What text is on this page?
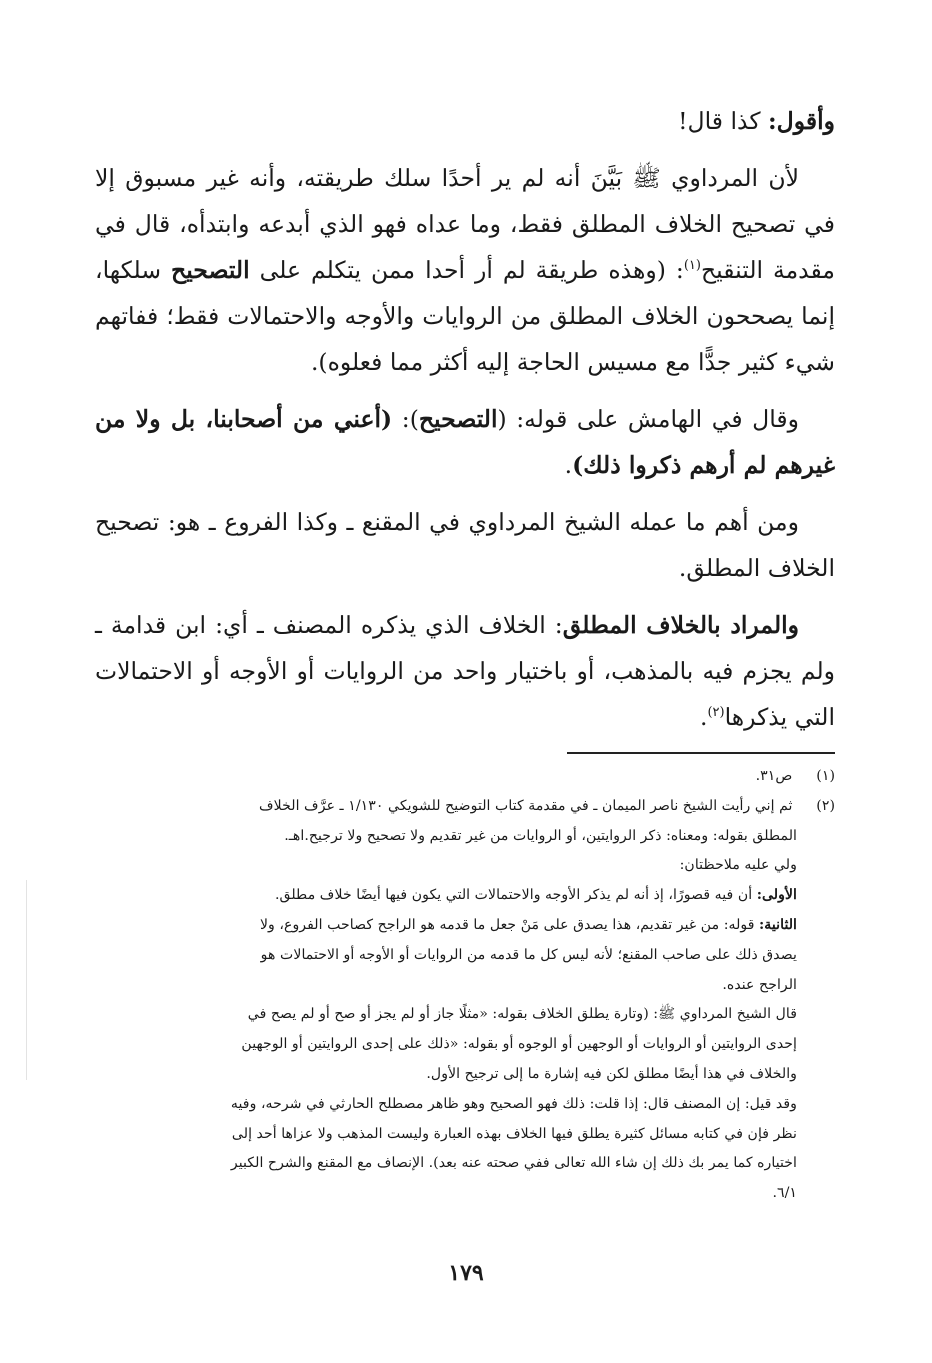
وأقول: كذا قال!

لأن المرداوي ﷺ بَيَّنَ أنه لم ير أحدًا سلك طريقته، وأنه غير مسبوق إلا في تصحيح الخلاف المطلق فقط، وما عداه فهو الذي أبدعه وابتدأه، قال في مقدمة التنقيح$^{(١)}$: (وهذه طريقة لم أر أحدا ممن يتكلم على التصحيح سلكها، إنما يصححون الخلاف المطلق من الروايات والأوجه والاحتمالات فقط؛ ففاتهم شيء كثير جدًّا مع مسيس الحاجة إليه أكثر مما فعلوه).

وقال في الهامش على قوله: (التصحيح): (أعني من أصحابنا، بل ولا من غيرهم لم أرهم ذكروا ذلك).

ومن أهم ما عمله الشيخ المرداوي في المقنع ـ وكذا الفروع ـ هو: تصحيح الخلاف المطلق.

والمراد بالخلاف المطلق: الخلاف الذي يذكره المصنف ـ أي: ابن قدامة ـ ولم يجزم فيه بالمذهب، أو باختيار واحد من الروايات أو الأوجه أو الاحتمالات التي يذكرها$^{(٢)}$.

(١) ص٣١.
(٢) ثم إني رأيت الشيخ ناصر الميمان ـ في مقدمة كتاب التوضيح للشويكي ١/١٣٠ ـ عرَّف الخلاف
المطلق بقوله: ومعناه: ذكر الروايتين، أو الروايات من غير تقديم ولا تصحيح ولا ترجيح.اهـ.
ولي عليه ملاحظتان:
الأولى: أن فيه قصورًا، إذ أنه لم يذكر الأوجه والاحتمالات التي يكون فيها أيضًا خلاف مطلق.
الثانية: قوله: من غير تقديم، هذا يصدق على مَنْ جعل ما قدمه هو الراجح كصاحب الفروع، ولا
يصدق ذلك على صاحب المقنع؛ لأنه ليس كل ما قدمه من الروايات أو الأوجه أو الاحتمالات هو
الراجح عنده.
قال الشيخ المرداوي ﷺ: (وتارة يطلق الخلاف بقوله: «مثلًا جاز أو لم يجز أو صح أو لم يصح في
إحدى الروايتين أو الروايات أو الوجهين أو الوجوه أو بقوله: «ذلك على إحدى الروايتين أو الوجهين
والخلاف في هذا أيضًا مطلق لكن فيه إشارة ما إلى ترجيح الأول.
وقد قيل: إن المصنف قال: إذا قلت: ذلك فهو الصحيح وهو ظاهر مصطلح الحارثي في شرحه، وفيه
نظر فإن في كتابه مسائل كثيرة يطلق فيها الخلاف بهذه العبارة وليست المذهب ولا عزاها أحد إلى
اختياره كما يمر بك ذلك إن شاء الله تعالى ففي صحته عنه بعد). الإنصاف مع المقنع والشرح الكبير
٦/١.
١٧٩
